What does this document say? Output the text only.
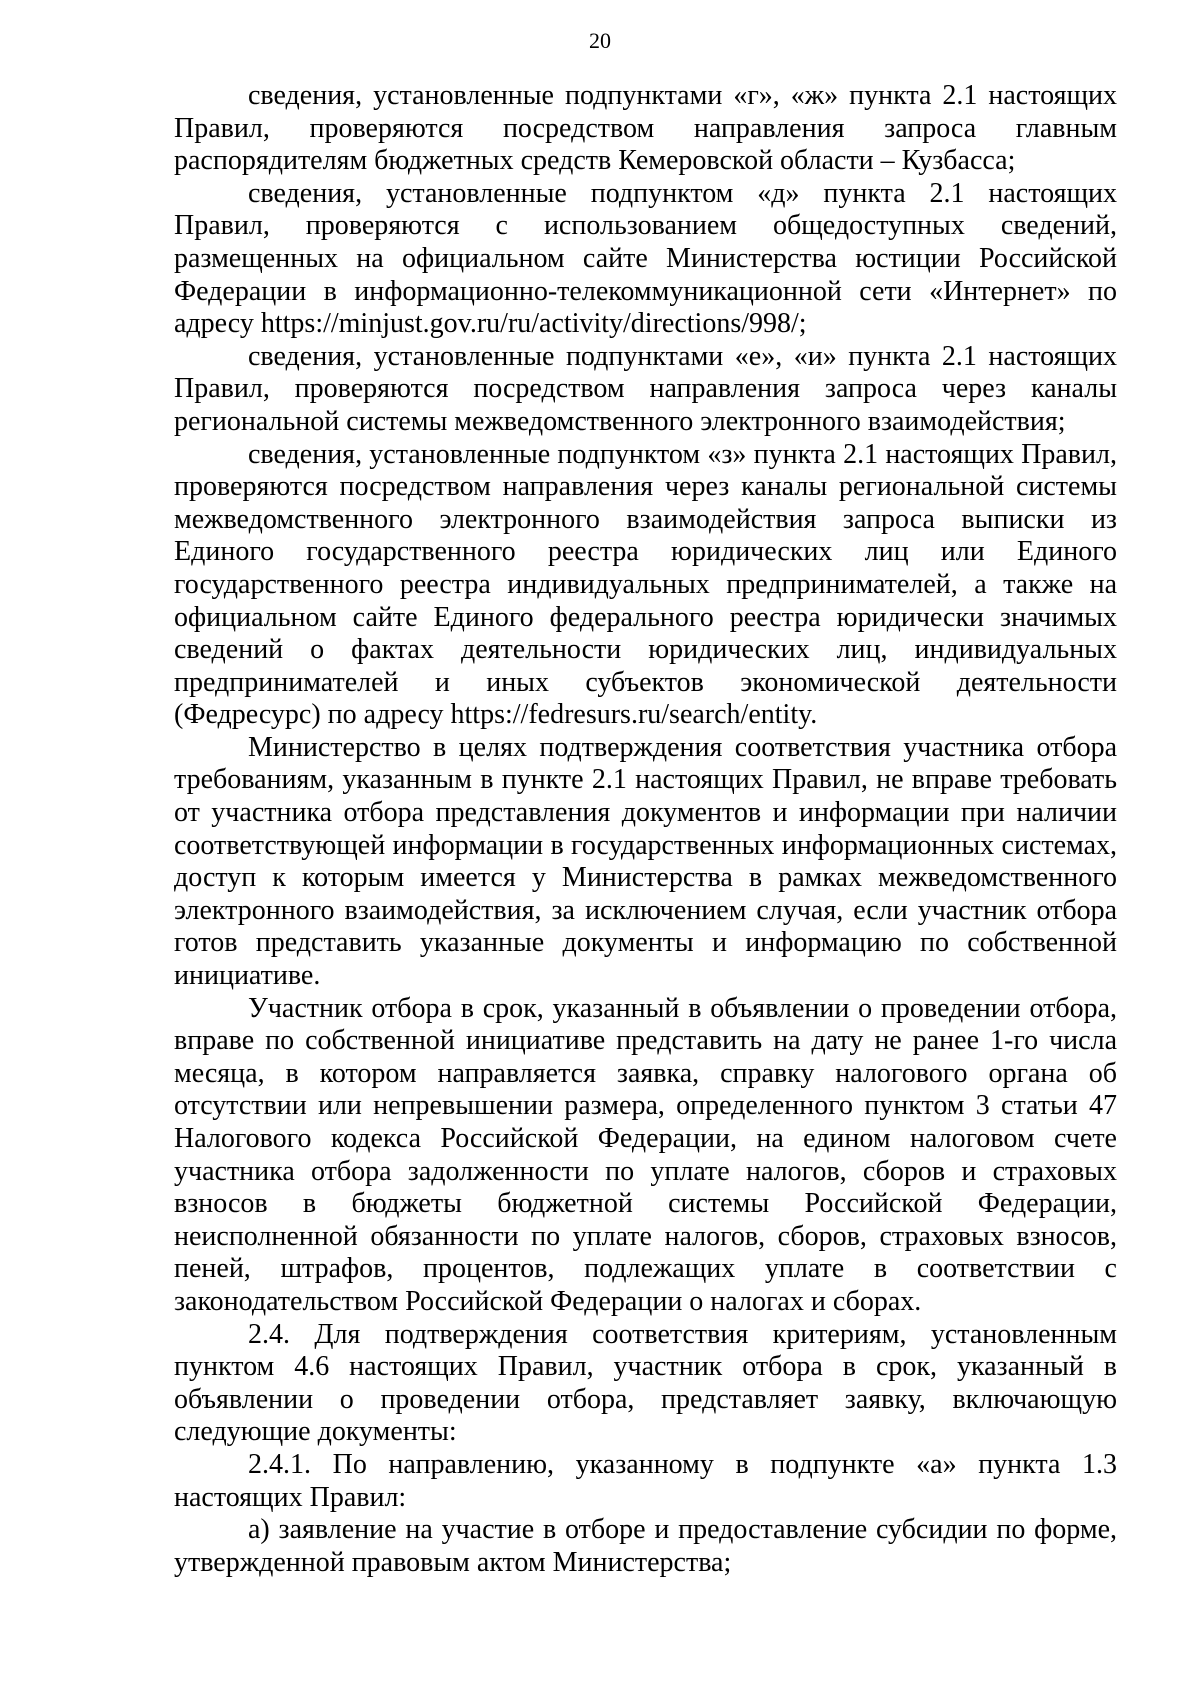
20

сведения, установленные подпунктами «г», «ж» пункта 2.1 настоящих Правил, проверяются посредством направления запроса главным распорядителям бюджетных средств Кемеровской области – Кузбасса;

сведения, установленные подпунктом «д» пункта 2.1 настоящих Правил, проверяются с использованием общедоступных сведений, размещенных на официальном сайте Министерства юстиции Российской Федерации в информационно-телекоммуникационной сети «Интернет» по адресу https://minjust.gov.ru/ru/activity/directions/998/;

сведения, установленные подпунктами «е», «и» пункта 2.1 настоящих Правил, проверяются посредством направления запроса через каналы региональной системы межведомственного электронного взаимодействия;

сведения, установленные подпунктом «з» пункта 2.1 настоящих Правил, проверяются посредством направления через каналы региональной системы межведомственного электронного взаимодействия запроса выписки из Единого государственного реестра юридических лиц или Единого государственного реестра индивидуальных предпринимателей, а также на официальном сайте Единого федерального реестра юридически значимых сведений о фактах деятельности юридических лиц, индивидуальных предпринимателей и иных субъектов экономической деятельности (Федресурс) по адресу https://fedresurs.ru/search/entity.

Министерство в целях подтверждения соответствия участника отбора требованиям, указанным в пункте 2.1 настоящих Правил, не вправе требовать от участника отбора представления документов и информации при наличии соответствующей информации в государственных информационных системах, доступ к которым имеется у Министерства в рамках межведомственного электронного взаимодействия, за исключением случая, если участник отбора готов представить указанные документы и информацию по собственной инициативе.

Участник отбора в срок, указанный в объявлении о проведении отбора, вправе по собственной инициативе представить на дату не ранее 1-го числа месяца, в котором направляется заявка, справку налогового органа об отсутствии или непревышении размера, определенного пунктом 3 статьи 47 Налогового кодекса Российской Федерации, на едином налоговом счете участника отбора задолженности по уплате налогов, сборов и страховых взносов в бюджеты бюджетной системы Российской Федерации, неисполненной обязанности по уплате налогов, сборов, страховых взносов, пеней, штрафов, процентов, подлежащих уплате в соответствии с законодательством Российской Федерации о налогах и сборах.

2.4. Для подтверждения соответствия критериям, установленным пунктом 4.6 настоящих Правил, участник отбора в срок, указанный в объявлении о проведении отбора, представляет заявку, включающую следующие документы:

2.4.1. По направлению, указанному в подпункте «а» пункта 1.3 настоящих Правил:

а) заявление на участие в отборе и предоставление субсидии по форме, утвержденной правовым актом Министерства;
